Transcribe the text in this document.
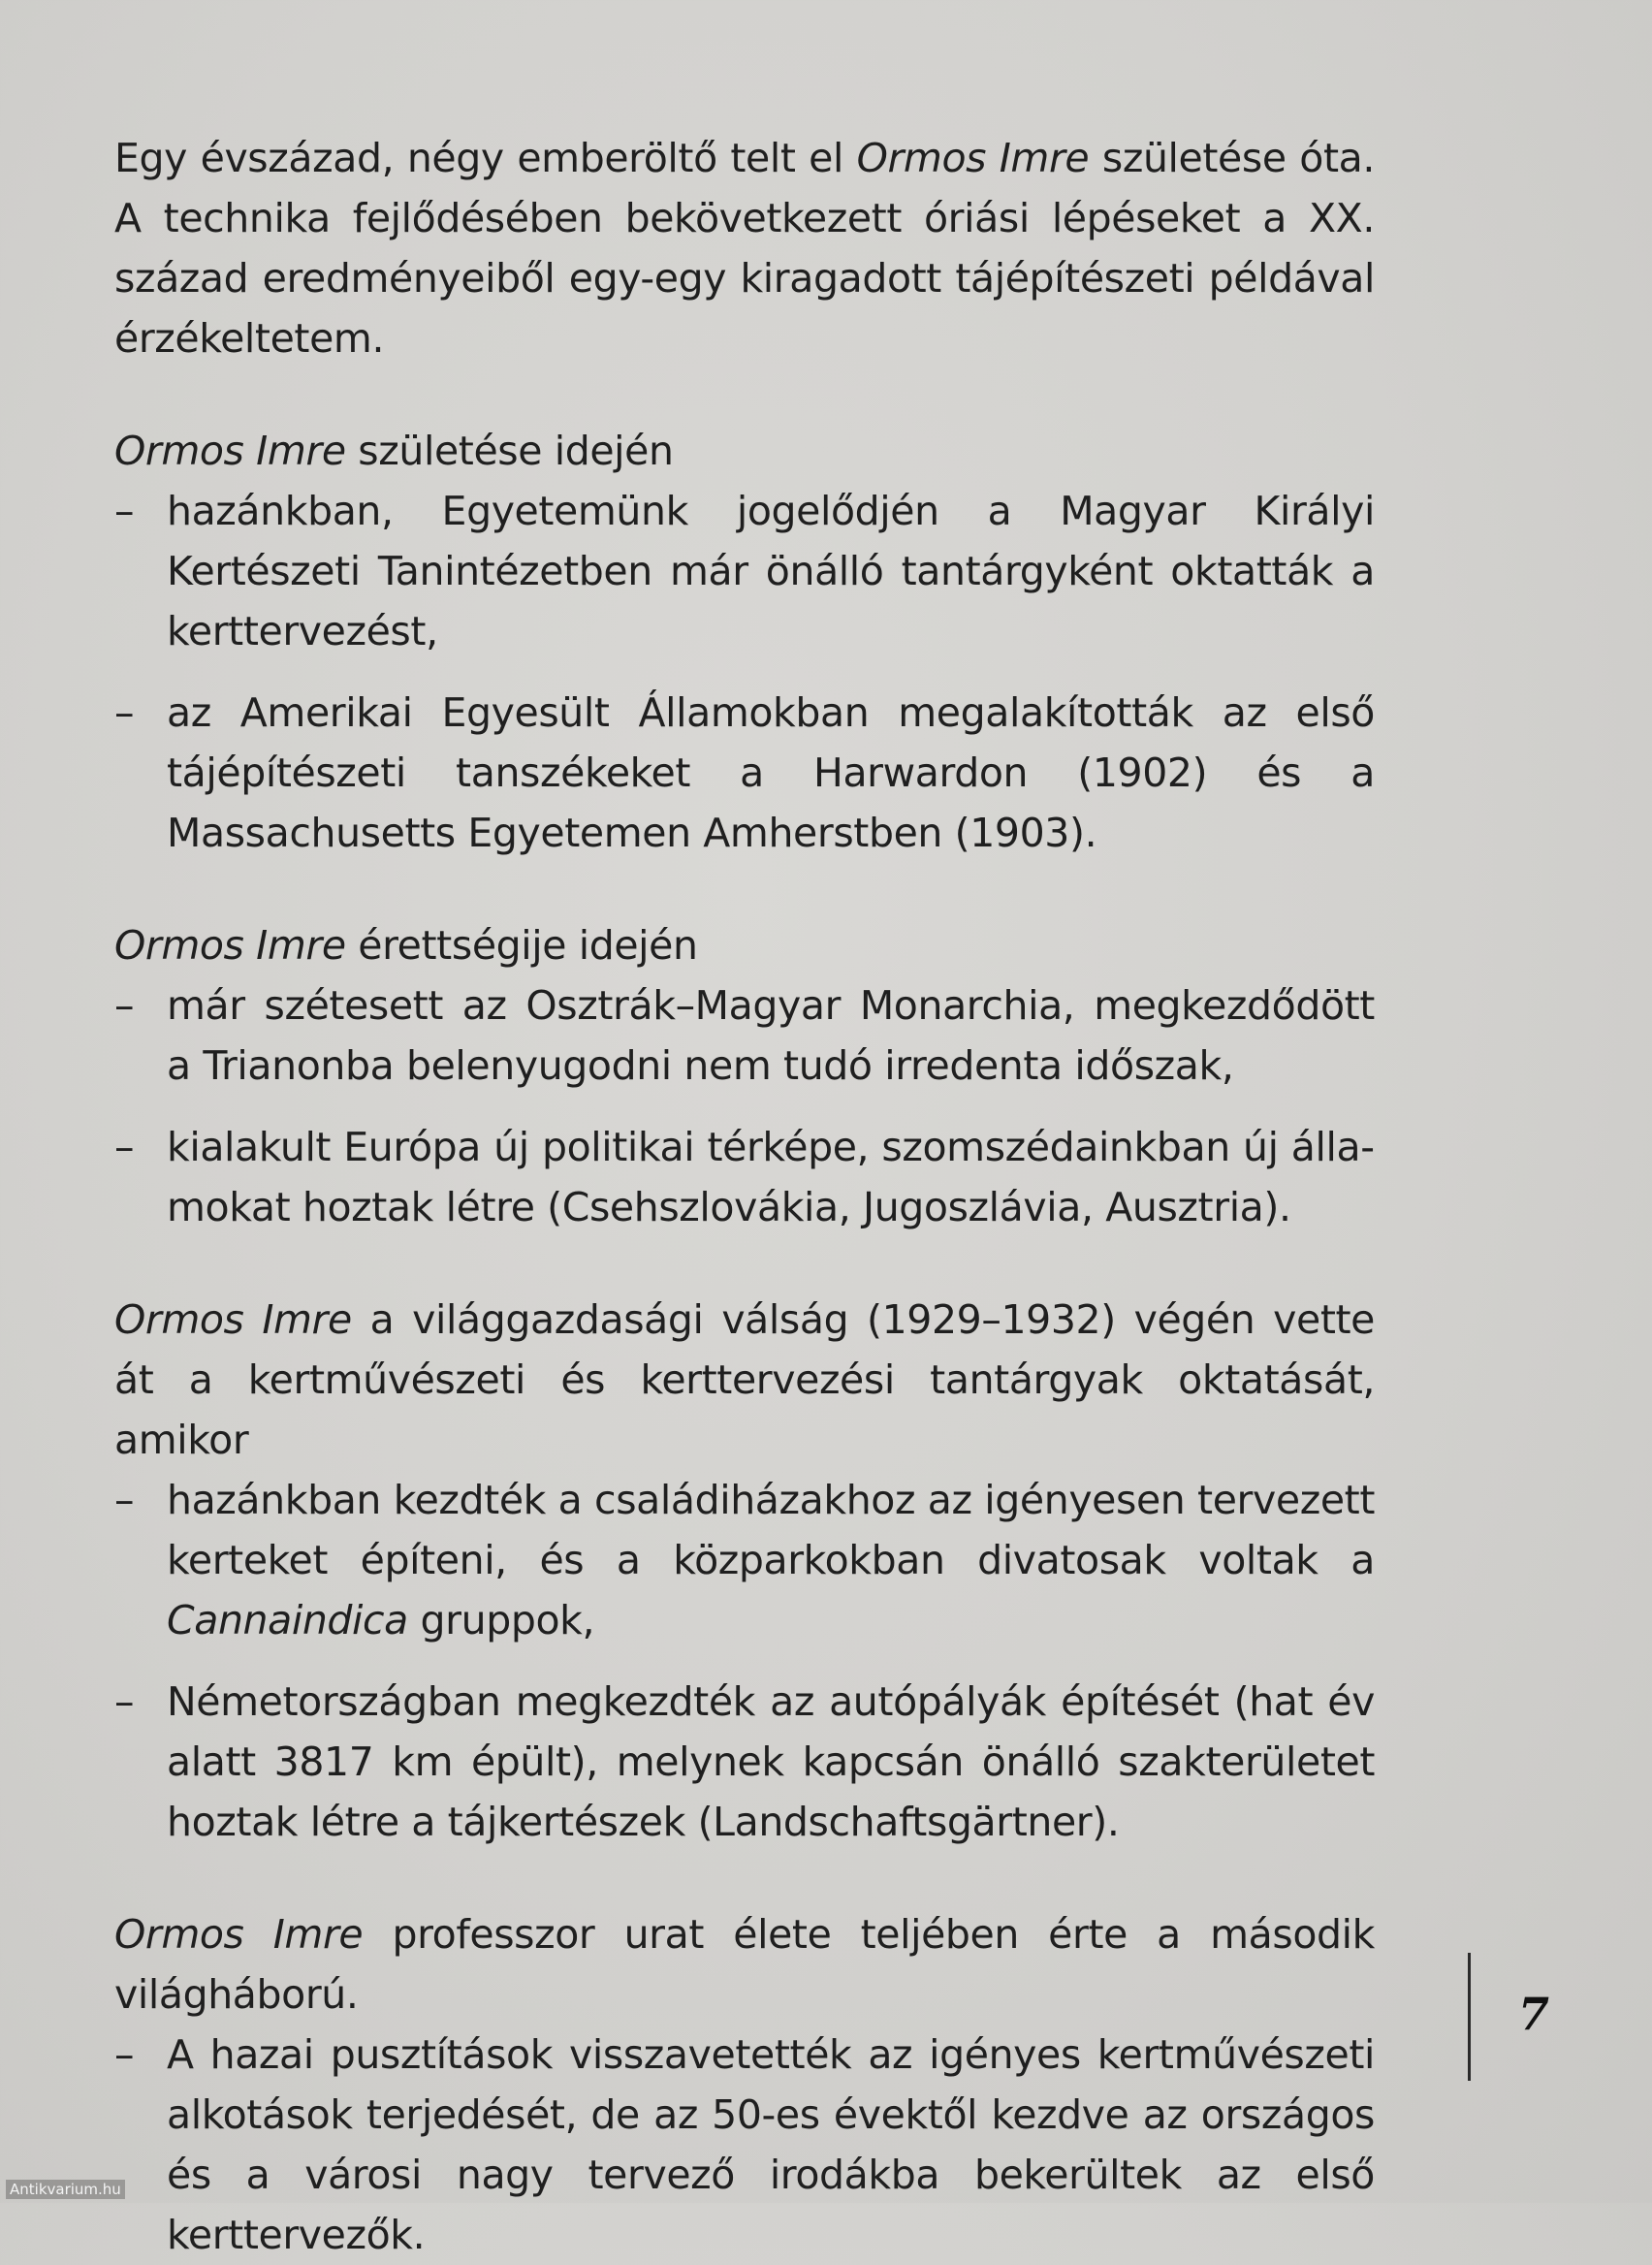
Egy évszázad, négy emberöltő telt el Ormos Imre születése óta. A technika fejlődésében bekövetkezett óriási lépéseket a XX. század eredményeiből egy-egy kiragadott tájépítészeti példával érzékeltetem.

Ormos Imre születése idején

– hazánkban, Egyetemünk jogelődjén a Magyar Királyi Kertészeti Tanintézetben már önálló tantárgyként oktatták a kerttervezést,
– az Amerikai Egyesült Államokban megalakították az első tájépítészeti tanszékeket a Harwardon (1902) és a Massachusetts Egyetemen Amherstben (1903).

Ormos Imre érettségije idején

– már szétesett az Osztrák–Magyar Monarchia, megkezdődött a Trianonba belenyugodni nem tudó irredenta időszak,
– kialakult Európa új politikai térképe, szomszédainkban új államokat hoztak létre (Csehszlovákia, Jugoszlávia, Ausztria).

Ormos Imre a világgazdasági válság (1929–1932) végén vette át a kertművészeti és kerttervezési tantárgyak oktatását, amikor

– hazánkban kezdték a családiházakhoz az igényesen tervezett kerteket építeni, és a közparkokban divatosak voltak a Cannaindica gruppok,
– Németországban megkezdték az autópályák építését (hat év alatt 3817 km épült), melynek kapcsán önálló szakterületet hoztak létre a tájkertészek (Landschaftsgärtner).

Ormos Imre professzor urat élete teljében érte a második világháború.

– A hazai pusztítások visszavetették az igényes kertművészeti alkotások terjedését, de az 50-es évektől kezdve az országos és a városi nagy tervező irodákba bekerültek az első kerttervezők.
7
Antikvarium.hu
